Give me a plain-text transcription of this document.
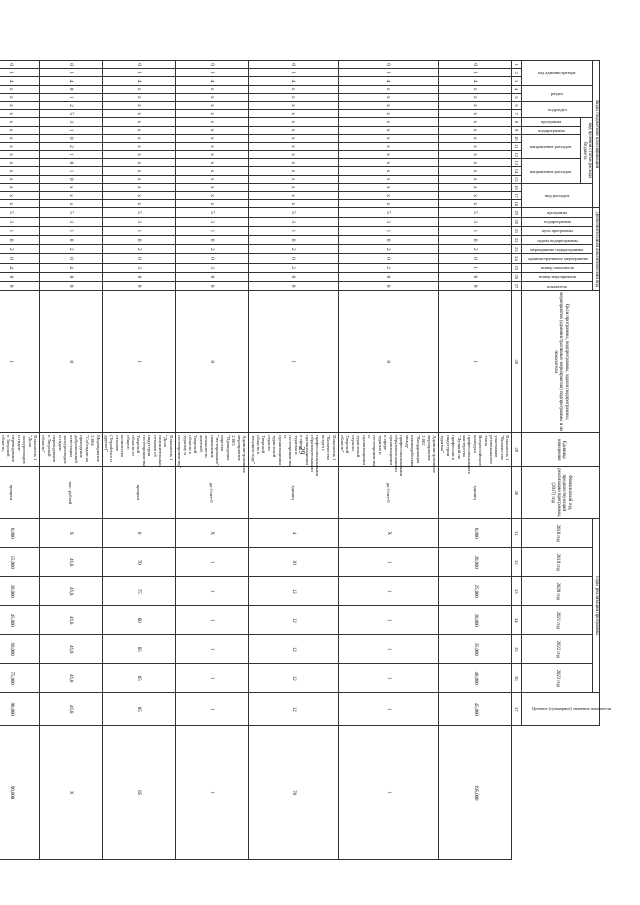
29
Коды бюджетной классификации																		Дополнительный аналитический код									Цели программы, подпрограммы, задачи подпрограммы, мероприятия (административные мероприятия) подпрограммы и их показатели	Единица измерения	Финансовый год, предшествующий реализации программы, (2017) год	Годы реализации программы						Целевое (суммарное) значение показателя	

код администратора			раздел		подраздел		код целевой статьи расхода бюджета								вид расходов			программа	подпрограмма	цель программы	задача подпрограммы	мероприятие подпрограммы	административное мероприятие	номер показателя	номер мероприятия	показатель				2018 год	2019 год	2020 год	2021 год	2022 год	2023 год		

							программа	подпрограмма	направление расходов			направление расходов																									

1	2	3	4	5	6	7	8	9	10	11	12	13	14	15	16	17	18	19	20	21	22	23	24	25	26	27	28	29	30	31	32	33	34	35	36	37	
0	1	4	х	х	х	х	х	х	х	х	х	х	х	х	х	х	х	5	3	1	0	2	0	1	6	0	1	Показатель 1 "Количество участников регионального этапа Всероссийского конкурса профессионального мастерства "Лучший по профессии в индустрии туризма"	единиц	0,000	20,000	25,000	30,000	35,000	40,000	45,000	195,000
0	1	4	х	х	х	х	х	х	х	х	х	х	х	х	х	х	х	5	3	1	0	2	0	2	0	0	0	Административное мероприятие 2.002 "Координация взаимодействия между профессиональными образовательными организациями в сфере туризма и гостеприимства и организациями туристской отрасли Тверской области"	да-1/нет-0	Х	1	1	1	1	1	1	1
0	1	4	х	х	х	х	х	х	х	х	х	х	х	х	х	х	х	5	3	1	0	2	0	2	0	0	1	Показатель 1 "Количество встреч с профессиональными образовательными организациями в сфере туризма и гостеприимства и организациями туристской отрасли Тверской области в текущем году"	единиц	4	10	12	12	12	12	12	70
0	1	4	х	х	х	х	х	х	х	х	х	х	х	х	х	х	х	5	3	1	0	2	0	3	0	0	0	Административное мероприятие 2.003 "Проведение опросов "тестирования", повышение лояльности жителей Тверской области к туризму и гостеприимству"	да-1/нет-0	Х	1	1	1	1	1	1	1
0	1	4	х	х	х	х	х	х	х	х	х	х	х	х	х	х	х	5	3	1	0	2	0	3	0	0	1	Показатель 1 "Доля положительных отзывов об индустрии гостеприимства Тверской области от общего количества отзывов (Tripadvisor и другие)"	процент	0	70	75	80	85	85	85	85
0	1	4	0	1	2	5	3	1	0	2	1	0	1	0	х	х	х	5	3	1	0	2	0	4	0	0	0	Мероприятие 2.004 "Субсидии на проведение добровольной аттестации экскурсоводов и гидов-переводчиков в Тверской области"	тыс. рублей	Х	46,8	46,8	46,8	46,8	46,8	46,8	Х
0	1	4	х	х	х	х	х	х	х	х	х	х	х	х	х	х	х	5	3	1	0	2	0	4	0	0	1	Показатель 1 "Доля экскурсоводов и гидов-переводчиков в Тверской области,	процент	0,000	15,000	30,000	45,000	60,000	75,000	90,000	90,000
